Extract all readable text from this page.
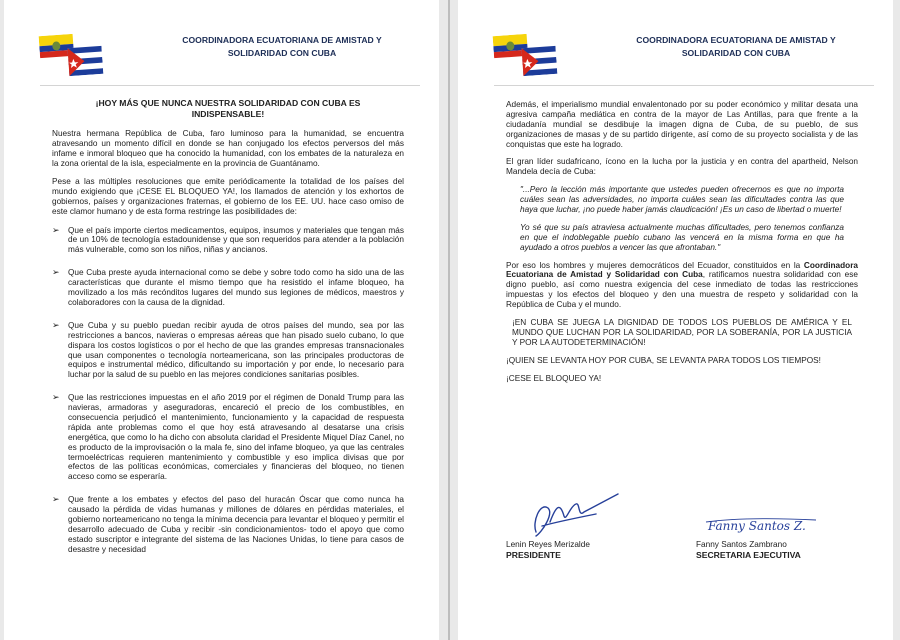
COORDINADORA ECUATORIANA DE AMISTAD Y
SOLIDARIDAD CON CUBA
¡HOY MÁS QUE NUNCA NUESTRA SOLIDARIDAD CON CUBA ES
INDISPENSABLE!

Nuestra hermana República de Cuba, faro luminoso para la humanidad, se encuentra atravesando un momento difícil en donde se han conjugado los efectos perversos del más infame e inmoral bloqueo que ha conocido la humanidad, con los embates de la naturaleza en la zona oriental de la isla, especialmente en la provincia de Guantánamo.

Pese a las múltiples resoluciones que emite periódicamente la totalidad de los países del mundo exigiendo que ¡CESE EL BLOQUEO YA!, los llamados de atención y los exhortos de gobiernos, países y organizaciones fraternas, el gobierno de los EE. UU. hace caso omiso de este clamor humano y de esta forma restringe las posibilidades de:

➢	Que el país importe ciertos medicamentos, equipos, insumos y materiales que tengan más de un 10% de tecnología estadounidense y que son requeridos para atender a la población más vulnerable, como son los niños, niñas y ancianos.
➢	Que Cuba preste ayuda internacional como se debe y sobre todo como ha sido una de las características que durante el mismo tiempo que ha resistido el infame bloqueo, ha movilizado a los más recónditos lugares del mundo sus legiones de médicos, maestros y colaboradores con la causa de la dignidad.
➢	Que Cuba y su pueblo puedan recibir ayuda de otros países del mundo, sea por las restricciones a bancos, navieras o empresas aéreas que han pisado suelo cubano, lo que dispara los costos logísticos o por el hecho de que las grandes empresas transnacionales que usan componentes o tecnología norteamericana, son las principales productoras de equipos e instrumental médico, dificultando su importación y por ende, lo necesario para luchar por la salud de su pueblo en las mejores condiciones sanitarias posibles.
➢	Que las restricciones impuestas en el año 2019 por el régimen de Donald Trump para las navieras, armadoras y aseguradoras, encareció el precio de los combustibles, en consecuencia perjudicó el mantenimiento, funcionamiento y la capacidad de respuesta rápida ante problemas como el que hoy está atravesando al desatarse una crisis energética, que como lo ha dicho con absoluta claridad el Presidente Miquel Díaz Canel, no es producto de la improvisación o la mala fe, sino del infame bloqueo, ya que las centrales termoeléctricas requieren mantenimiento y combustible y eso implica divisas que por efectos de las políticas económicas, comerciales y financieras del bloqueo, no tienen acceso como se esperaría.
➢	Que frente a los embates y efectos del paso del huracán Óscar que como nunca ha causado la pérdida de vidas humanas y millones de dólares en pérdidas materiales, el gobierno norteamericano no tenga la mínima decencia para levantar el bloqueo y permitir el desarrollo adecuado de Cuba y recibir -sin condicionamientos- todo el apoyo que como estado suscriptor e integrante del sistema de las Naciones Unidas, lo tiene para casos de desastre y necesidad
COORDINADORA ECUATORIANA DE AMISTAD Y
SOLIDARIDAD CON CUBA

Además, el imperialismo mundial envalentonado por su poder económico y militar desata una agresiva campaña mediática en contra de la mayor de Las Antillas, para que frente a la ciudadanía mundial se desdibuje la imagen digna de Cuba, de su pueblo, de sus organizaciones de masas y de su partido dirigente, así como de su proyecto socialista y de las conquistas que este ha logrado.

El gran líder sudafricano, ícono en la lucha por la justicia y en contra del apartheid, Nelson Mandela decía de Cuba:

"...Pero la lección más importante que ustedes pueden ofrecernos es que no importa cuáles sean las adversidades, no importa cuáles sean las dificultades contra las que haya que luchar, ¡no puede haber jamás claudicación! ¡Es un caso de libertad o muerte!

Yo sé que su país atraviesa actualmente muchas dificultades, pero tenemos confianza en que el indoblegable pueblo cubano las vencerá en la misma forma en que ha ayudado a otros pueblos a vencer las que afrontaban."

Por eso los hombres y mujeres democráticos del Ecuador, constituidos en la Coordinadora Ecuatoriana de Amistad y Solidaridad con Cuba, ratificamos nuestra solidaridad con ese digno pueblo, así como nuestra exigencia del cese inmediato de todas las restricciones impuestas y los efectos del bloqueo y den una muestra de respeto y solidaridad con la República de Cuba y el mundo.

¡EN CUBA SE JUEGA LA DIGNIDAD DE TODOS LOS PUEBLOS DE AMÉRICA Y EL MUNDO QUE LUCHAN POR LA SOLIDARIDAD, POR LA SOBERANÍA, POR LA JUSTICIA Y POR LA AUTODETERMINACIÓN!

¡QUIEN SE LEVANTA HOY POR CUBA, SE LEVANTA PARA TODOS LOS TIEMPOS!

¡CESE EL BLOQUEO YA!

Lenin Reyes Merizalde
PRESIDENTE
Fanny Santos Z.
Fanny Santos Zambrano
SECRETARIA EJECUTIVA
